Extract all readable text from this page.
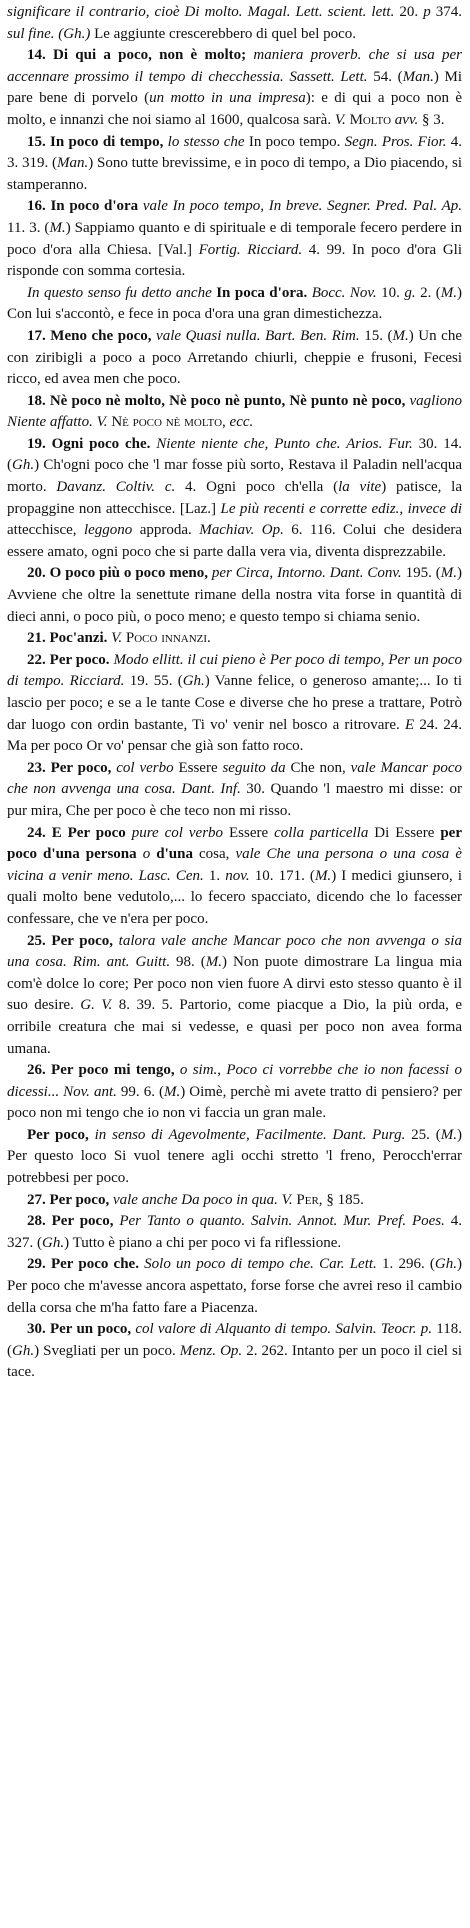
significare il contrario, cioè Di molto. Magal. Lett. scient. lett. 20. p 374. sul fine. (Gh.) Le aggiunte crescerebbero di quel bel poco.

14. Di qui a poco, non è molto; maniera proverb. che si usa per accennare prossimo il tempo di checchessia. Sassett. Lett. 54. (Man.) Mi pare bene di porvelo (un motto in una impresa): e di qui a poco non è molto, e innanzi che noi siamo al 1600, qualcosa sarà. V. Molto avv. § 3.

15. In poco di tempo, lo stesso che In poco tempo. Segn. Pros. Fior. 4. 3. 319. (Man.) Sono tutte brevissime, e in poco di tempo, a Dio piacendo, si stamperanno.

16. In poco d'ora vale In poco tempo, In breve. Segner. Pred. Pal. Ap. 11. 3. (M.) Sappiamo quanto e di spirituale e di temporale fecero perdere in poco d'ora alla Chiesa. [Val.] Fortig. Ricciard. 4. 99. In poco d'ora Gli risponde con somma cortesia.

In questo senso fu detto anche In poca d'ora. Bocc. Nov. 10. g. 2. (M.) Con lui s'accontò, e fece in poca d'ora una gran dimestichezza.

17. Meno che poco, vale Quasi nulla. Bart. Ben. Rim. 15. (M.) Un che con ziribigli a poco a poco Arretando chiurli, cheppie e frusoni, Fecesi ricco, ed avea men che poco.

18. Nè poco nè molto, Nè poco nè punto, Nè punto nè poco, vagliono Niente affatto. V. Nè poco nè molto, ecc.

19. Ogni poco che. Niente niente che, Punto che. Arios. Fur. 30. 14. (Gh.) Ch'ogni poco che 'l mar fosse più sorto, Restava il Paladin nell'acqua morto. Davanz. Coltiv. c. 4. Ogni poco ch'ella (la vite) patisce, la propaggine non attecchisce. [Laz.] Le più recenti e corrette ediz., invece di attecchisce, leggono approda. Machiav. Op. 6. 116. Colui che desidera essere amato, ogni poco che si parte dalla vera via, diventa disprezzabile.

20. O poco più o poco meno, per Circa, Intorno. Dant. Conv. 195. (M.) Avviene che oltre la senettute rimane della nostra vita forse in quantità di dieci anni, o poco più, o poco meno; e questo tempo si chiama senio.

21. Poc'anzi. V. Poco innanzi.

22. Per poco. Modo ellitt. il cui pieno è Per poco di tempo, Per un poco di tempo. Ricciard. 19. 55. (Gh.) Vanne felice, o generoso amante;... Io ti lascio per poco; e se a le tante Cose e diverse che ho prese a trattare, Potrò dar luogo con ordin bastante, Ti vo' venir nel bosco a ritrovare. E 24. 24. Ma per poco Or vo' pensar che già son fatto roco.

23. Per poco, col verbo Essere seguito da Che non, vale Mancar poco che non avvenga una cosa. Dant. Inf. 30. Quando 'l maestro mi disse: or pur mira, Che per poco è che teco non mi risso.

24. E Per poco pure col verbo Essere colla particella Di Essere per poco d'una persona o d'una cosa, vale Che una persona o una cosa è vicina a venir meno. Lasc. Cen. 1. nov. 10. 171. (M.) I medici giunsero, i quali molto bene vedutolo,... lo fecero spacciato, dicendo che lo facesser confessare, che ve n'era per poco.

25. Per poco, talora vale anche Mancar poco che non avvenga o sia una cosa. Rim. ant. Guitt. 98. (M.) Non puote dimostrare La lingua mia com'è dolce lo core; Per poco non vien fuore A dirvi esto stesso quanto è il suo desire. G. V. 8. 39. 5. Partorio, come piacque a Dio, la più orda, e orribile creatura che mai si vedesse, e quasi per poco non avea forma umana.

26. Per poco mi tengo, o sim., Poco ci vorrebbe che io non facessi o dicessi... Nov. ant. 99. 6. (M.) Oimè, perchè mi avete tratto di pensiero? per poco non mi tengo che io non vi faccia un gran male.

Per poco, in senso di Agevolmente, Facilmente. Dant. Purg. 25. (M.) Per questo loco Si vuol tenere agli occhi stretto 'l freno, Perocch'errar potrebbesi per poco.

27. Per poco, vale anche Da poco in qua. V. Per, § 185.

28. Per poco, Per Tanto o quanto. Salvin. Annot. Mur. Pref. Poes. 4. 327. (Gh.) Tutto è piano a chi per poco vi fa riflessione.

29. Per poco che. Solo un poco di tempo che. Car. Lett. 1. 296. (Gh.) Per poco che m'avesse ancora aspettato, forse forse che avrei reso il cambio della corsa che m'ha fatto fare a Piacenza.

30. Per un poco, col valore di Alquanto di tempo. Salvin. Teocr. p. 118. (Gh.) Svegliati per un poco. Menz. Op. 2. 262. Intanto per un poco il ciel si tace.
